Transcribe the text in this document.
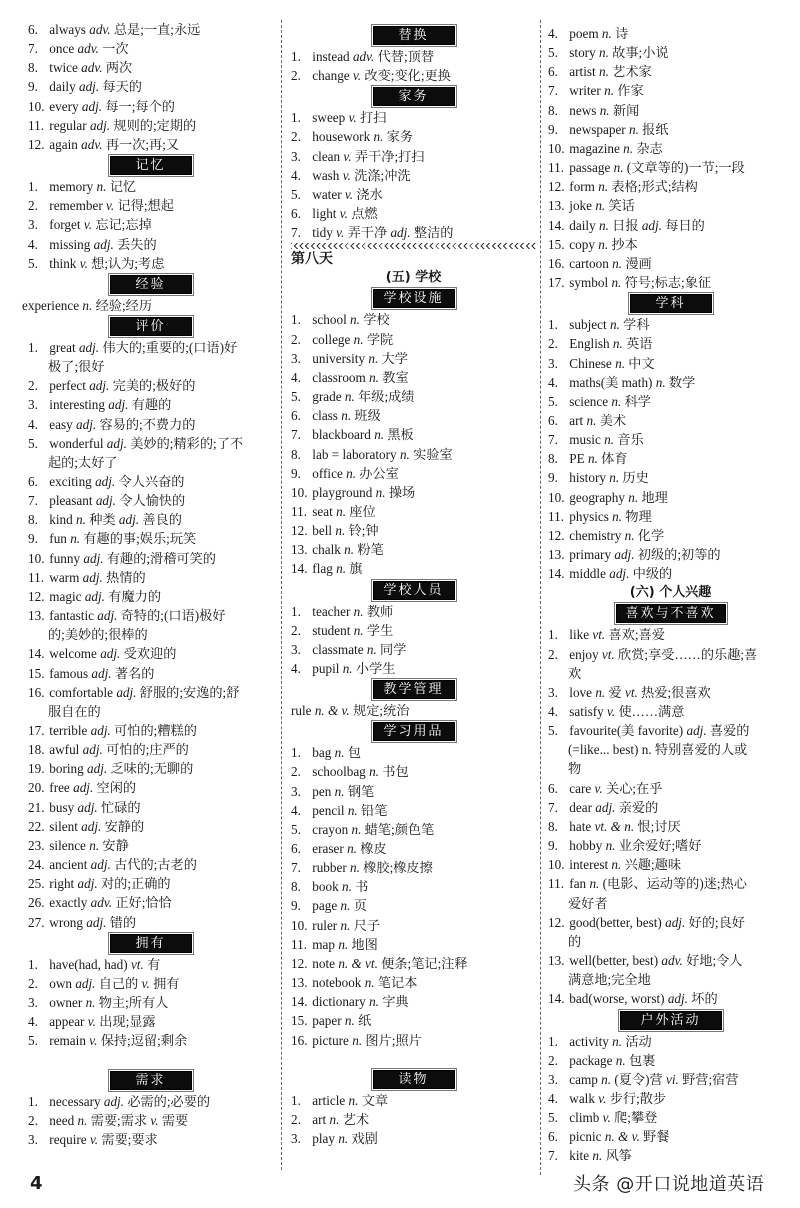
6. always adv. 总是;一直;永远
7. once adv. 一次
8. twice adv. 两次
9. daily adj. 每天的
10. every adj. 每一;每个的
11. regular adj. 规则的;定期的
12. again adv. 再一次;再;又
记忆
1. memory n. 记忆
2. remember v. 记得;想起
3. forget v. 忘记;忘掉
4. missing adj. 丢失的
5. think v. 想;认为;考虑
经验
experience n. 经验;经历
评价
1. great adj. 伟大的;重要的;(口语)好
极了;很好
2. perfect adj. 完美的;极好的
3. interesting adj. 有趣的
4. easy adj. 容易的;不费力的
5. wonderful adj. 美妙的;精彩的;了不
起的;太好了
6. exciting adj. 令人兴奋的
7. pleasant adj. 令人愉快的
8. kind n. 种类 adj. 善良的
9. fun n. 有趣的事;娱乐;玩笑
10. funny adj. 有趣的;滑稽可笑的
11. warm adj. 热情的
12. magic adj. 有魔力的
13. fantastic adj. 奇特的;(口语)极好
的;美妙的;很棒的
14. welcome adj. 受欢迎的
15. famous adj. 著名的
16. comfortable adj. 舒服的;安逸的;舒
服自在的
17. terrible adj. 可怕的;糟糕的
18. awful adj. 可怕的;庄严的
19. boring adj. 乏味的;无聊的
20. free adj. 空闲的
21. busy adj. 忙碌的
22. silent adj. 安静的
23. silence n. 安静
24. ancient adj. 古代的;古老的
25. right adj. 对的;正确的
26. exactly adv. 正好;恰恰
27. wrong adj. 错的
拥有
1. have(had, had) vt. 有
2. own adj. 自己的 v. 拥有
3. owner n. 物主;所有人
4. appear v. 出现;显露
5. remain v. 保持;逗留;剩余
需求
1. necessary adj. 必需的;必要的
2. need n. 需要;需求 v. 需要
3. require v. 需要;要求
替换
1. instead adv. 代替;顶替
2. change v. 改变;变化;更换
家务
1. sweep v. 打扫
2. housework n. 家务
3. clean v. 弄干净;打扫
4. wash v. 洗涤;冲洗
5. water v. 浇水
6. light v. 点燃
7. tidy v. 弄干净 adj. 整洁的
第八天
(五) 学校
学校设施
1. school n. 学校
2. college n. 学院
3. university n. 大学
4. classroom n. 教室
5. grade n. 年级;成绩
6. class n. 班级
7. blackboard n. 黑板
8. lab = laboratory n. 实验室
9. office n. 办公室
10. playground n. 操场
11. seat n. 座位
12. bell n. 铃;钟
13. chalk n. 粉笔
14. flag n. 旗
学校人员
1. teacher n. 教师
2. student n. 学生
3. classmate n. 同学
4. pupil n. 小学生
教学管理
rule n. & v. 规定;统治
学习用品
1. bag n. 包
2. schoolbag n. 书包
3. pen n. 钢笔
4. pencil n. 铅笔
5. crayon n. 蜡笔;颜色笔
6. eraser n. 橡皮
7. rubber n. 橡胶;橡皮擦
8. book n. 书
9. page n. 页
10. ruler n. 尺子
11. map n. 地图
12. note n. & vt. 便条;笔记;注释
13. notebook n. 笔记本
14. dictionary n. 字典
15. paper n. 纸
16. picture n. 图片;照片
读物
1. article n. 文章
2. art n. 艺术
3. play n. 戏剧
4. poem n. 诗
5. story n. 故事;小说
6. artist n. 艺术家
7. writer n. 作家
8. news n. 新闻
9. newspaper n. 报纸
10. magazine n. 杂志
11. passage n. (文章等的)一节;一段
12. form n. 表格;形式;结构
13. joke n. 笑话
14. daily n. 日报 adj. 每日的
15. copy n. 抄本
16. cartoon n. 漫画
17. symbol n. 符号;标志;象征
学科
1. subject n. 学科
2. English n. 英语
3. Chinese n. 中文
4. maths(美 math) n. 数学
5. science n. 科学
6. art n. 美术
7. music n. 音乐
8. PE n. 体育
9. history n. 历史
10. geography n. 地理
11. physics n. 物理
12. chemistry n. 化学
13. primary adj. 初级的;初等的
14. middle adj. 中级的
(六) 个人兴趣
喜欢与不喜欢
1. like vt. 喜欢;喜爱
2. enjoy vt. 欣赏;享受……的乐趣;喜
欢
3. love n. 爱 vt. 热爱;很喜欢
4. satisfy v. 使……满意
5. favourite(美 favorite) adj. 喜爱的
(=like... best) n. 特别喜爱的人或
物
6. care v. 关心;在乎
7. dear adj. 亲爱的
8. hate vt. & n. 恨;讨厌
9. hobby n. 业余爱好;嗜好
10. interest n. 兴趣;趣味
11. fan n. (电影、运动等的)迷;热心
爱好者
12. good(better, best) adj. 好的;良好
的
13. well(better, best) adv. 好地;令人
满意地;完全地
14. bad(worse, worst) adj. 坏的
户外活动
1. activity n. 活动
2. package n. 包裹
3. camp n. (夏令)营 vi. 野营;宿营
4. walk v. 步行;散步
5. climb v. 爬;攀登
6. picnic n. & v. 野餐
7. kite n. 风筝
4	头条 @开口说地道英语
